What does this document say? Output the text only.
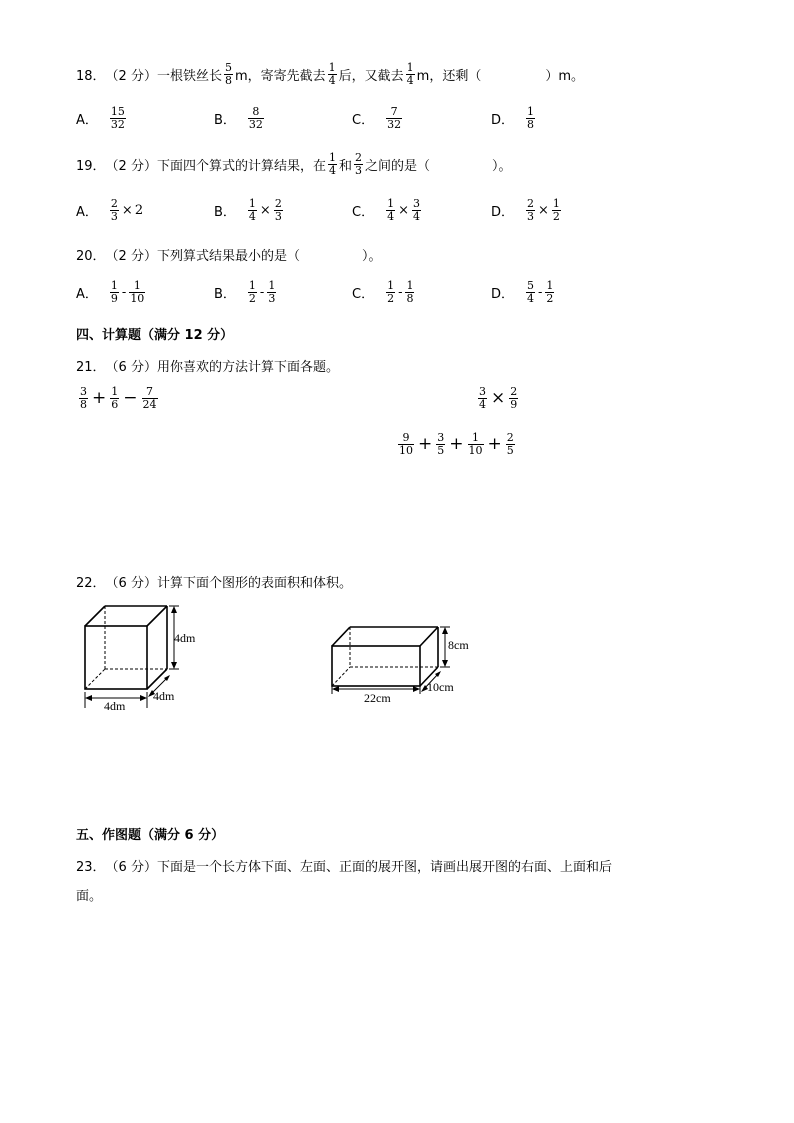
18． （2 分） 一根铁丝长 $\frac{5}{8}$ m，寄寄先截去 $\frac{1}{4}$ 后，又截去 $\frac{1}{4}$ m，还剩（	）m。
A． $\frac{15}{32}$	B． $\frac{8}{32}$	C． $\frac{7}{32}$	D． $\frac{1}{8}$
19． （2 分） 下面四个算式的计算结果，在 $\frac{1}{4}$ 和 $\frac{2}{3}$ 之间的是（	）。
A． $\frac{2}{3} \times 2$	B． $\frac{1}{4} \times \frac{2}{3}$	C． $\frac{1}{4} \times \frac{3}{4}$	D． $\frac{2}{3} \times \frac{1}{2}$
20． （2 分） 下列算式结果最小的是（	）。
A． $\frac{1}{9} - \frac{1}{10}$	B． $\frac{1}{2} - \frac{1}{3}$	C． $\frac{1}{2} - \frac{1}{8}$	D． $\frac{5}{4} - \frac{1}{2}$
四、计算题（满分 12 分）
21． （6 分） 用你喜欢的方法计算下面各题。
$\frac{3}{8} + \frac{1}{6} - \frac{7}{24}$	$\frac{3}{4} \times \frac{2}{9}$
$\frac{9}{10} + \frac{3}{5} + \frac{1}{10} + \frac{2}{5}$
22． （6 分） 计算下面个图形的表面积和体积。
4dm
4dm
4dm
8cm
10cm
22cm
五、作图题（满分 6 分）
23． （6 分） 下面是一个长方体下面、左面、正面的展开图，请画出展开图的右面、上面和后
面。
